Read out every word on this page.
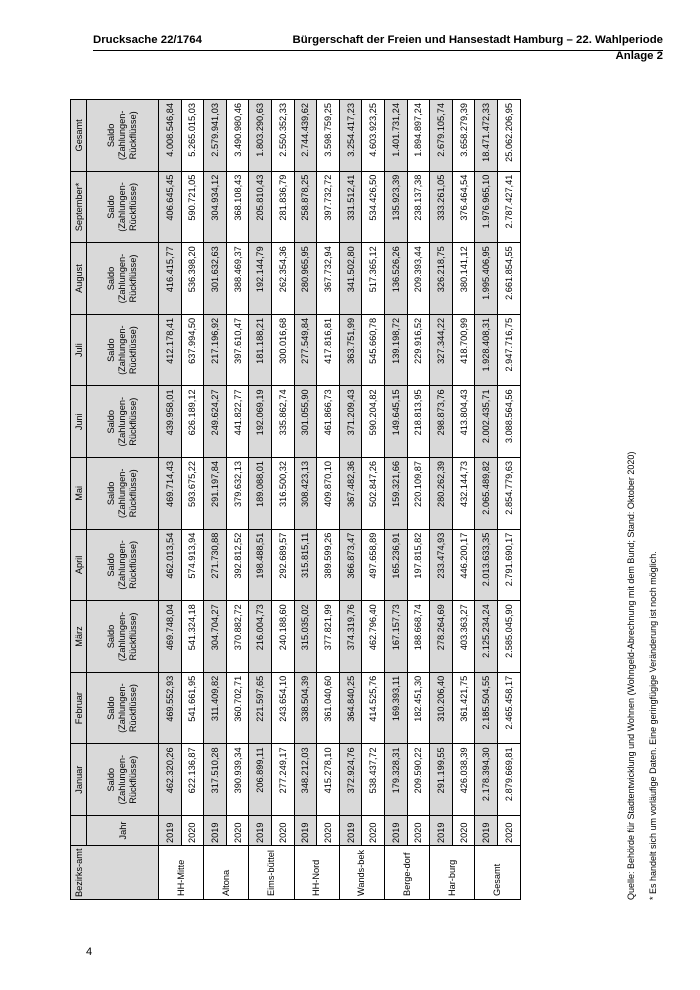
Drucksache 22/1764	Bürgerschaft der Freien und Hansestadt Hamburg – 22. Wahlperiode
Anlage 2
Bezirks-amt		Januar	Februar	März	April	Mai	Juni	Juli	August	September*	Gesamt
	Jahr	Saldo (Zahlungen- Rückflüsse)	Saldo (Zahlungen- Rückflüsse)	Saldo (Zahlungen- Rückflüsse)	Saldo (Zahlungen- Rückflüsse)	Saldo (Zahlungen- Rückflüsse)	Saldo (Zahlungen- Rückflüsse)	Saldo (Zahlungen- Rückflüsse)	Saldo (Zahlungen- Rückflüsse)	Saldo (Zahlungen- Rückflüsse)	Saldo (Zahlungen- Rückflüsse)
HH-Mitte	2019	462.320,26	469.552,93	469.748,04	462.013,54	469.714,43	439.958,01	412.178,41	416.415,77	406.645,45	4.008.546,84
	2020	622.136,87	541.661,95	541.324,18	574.913,94	593.675,22	626.189,12	637.994,50	536.398,20	590.721,05	5.265.015,03
Altona	2019	317.510,28	311.409,82	304.704,27	271.730,88	291.197,84	249.624,27	217.196,92	301.632,63	304.934,12	2.579.941,03
	2020	390.939,34	360.702,71	370.882,72	392.812,52	379.632,13	441.822,77	397.610,47	388.469,37	368.108,43	3.490.980,46
Eims-büttel	2019	206.899,11	221.597,65	216.004,73	198.488,51	189.088,01	192.069,19	181.188,21	192.144,79	205.810,43	1.803.290,63
	2020	277.249,17	243.654,10	240.188,60	292.689,57	316.500,32	335.862,74	300.016,68	262.354,36	281.836,79	2.550.352,33
HH-Nord	2019	348.212,03	338.504,39	315.035,02	315.815,11	308.423,13	301.055,90	277.549,84	280.965,95	258.878,25	2.744.439,62
	2020	415.278,10	361.040,60	377.821,99	389.599,26	409.870,10	461.866,73	417.816,81	367.732,94	397.732,72	3.598.759,25
Wands-bek	2019	372.924,76	364.840,25	374.319,76	366.873,47	367.482,36	371.209,43	363.751,99	341.502,80	331.512,41	3.254.417,23
	2020	538.437,72	414.525,76	462.796,40	497.658,89	502.847,26	590.204,82	545.660,78	517.365,12	534.426,50	4.603.923,25
Berge-dorf	2019	179.328,31	169.393,11	167.157,73	165.236,91	159.321,66	149.645,15	139.198,72	136.526,26	135.923,39	1.401.731,24
	2020	209.590,22	182.451,30	188.668,74	197.815,82	220.109,87	218.813,95	229.916,52	209.393,44	238.137,38	1.894.897,24
Har-burg	2019	291.199,55	310.206,40	278.264,69	233.474,93	280.262,39	298.873,76	327.344,22	326.218,75	333.261,05	2.679.105,74
	2020	426.038,39	361.421,75	403.363,27	446.200,17	432.144,73	413.804,43	418.700,99	380.141,12	376.464,54	3.658.279,39
Gesamt	2019	2.178.394,30	2.185.504,55	2.125.234,24	2.013.633,35	2.065.489,82	2.002.435,71	1.928.408,31	1.995.406,95	1.976.965,10	18.471.472,33
	2020	2.879.669,81	2.465.458,17	2.585.045,90	2.791.690,17	2.854.779,63	3.088.564,56	2.947.716,75	2.661.854,55	2.787.427,41	25.062.206,95
Quelle: Behörde für Stadtentwicklung und Wohnen (Wohngeld-Abrechnung mit dem Bund; Stand: Oktober 2020) * Es handelt sich um vorläufige Daten. Eine geringfügige Veränderung ist noch möglich.
4
